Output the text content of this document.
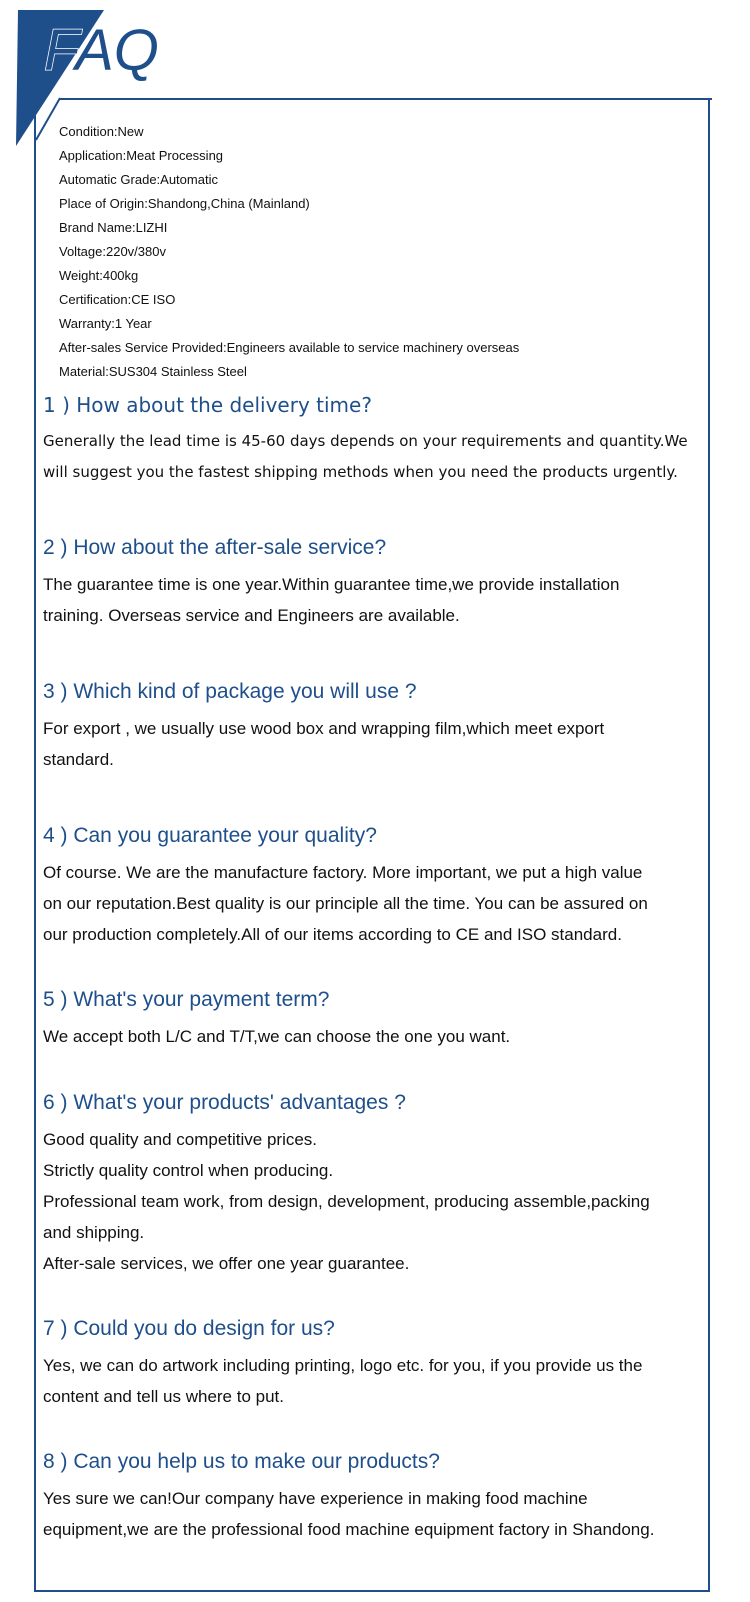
FAQ
Condition:New
Application:Meat Processing
Automatic Grade:Automatic
Place of Origin:Shandong,China (Mainland)
Brand Name:LIZHI
Voltage:220v/380v
Weight:400kg
Certification:CE ISO
Warranty:1 Year
After-sales Service Provided:Engineers available to service machinery overseas
Material:SUS304 Stainless Steel
1 ) How about the delivery time?
Generally the lead time is 45-60 days depends on your requirements and quantity.We
will suggest you the fastest shipping methods when you need the products urgently.
2 ) How about the after-sale service?
The guarantee time is one year.Within guarantee time,we provide installation
training. Overseas service and Engineers are available.
3 ) Which kind of package you will use ?
For export , we usually use wood box and wrapping film,which meet export
standard.
4 ) Can you guarantee your quality?
Of course. We are the manufacture factory. More important, we put a high value
on our reputation.Best quality is our principle all the time. You can be assured on
our production completely.All of our items according to CE and ISO standard.
5 ) What's your payment term?
We accept both L/C and T/T,we can choose the one you want.
6 ) What's your products' advantages ?
Good quality and competitive prices.
Strictly quality control when producing.
Professional team work, from design, development, producing assemble,packing
and shipping.
After-sale services, we offer one year guarantee.
7 ) Could you do design for us?
Yes, we can do artwork including printing, logo etc. for you, if you provide us the
content and tell us where to put.
8 ) Can you help us to make our products?
Yes sure we can!Our company have experience in making food machine
equipment,we are the professional food machine equipment factory in Shandong.
